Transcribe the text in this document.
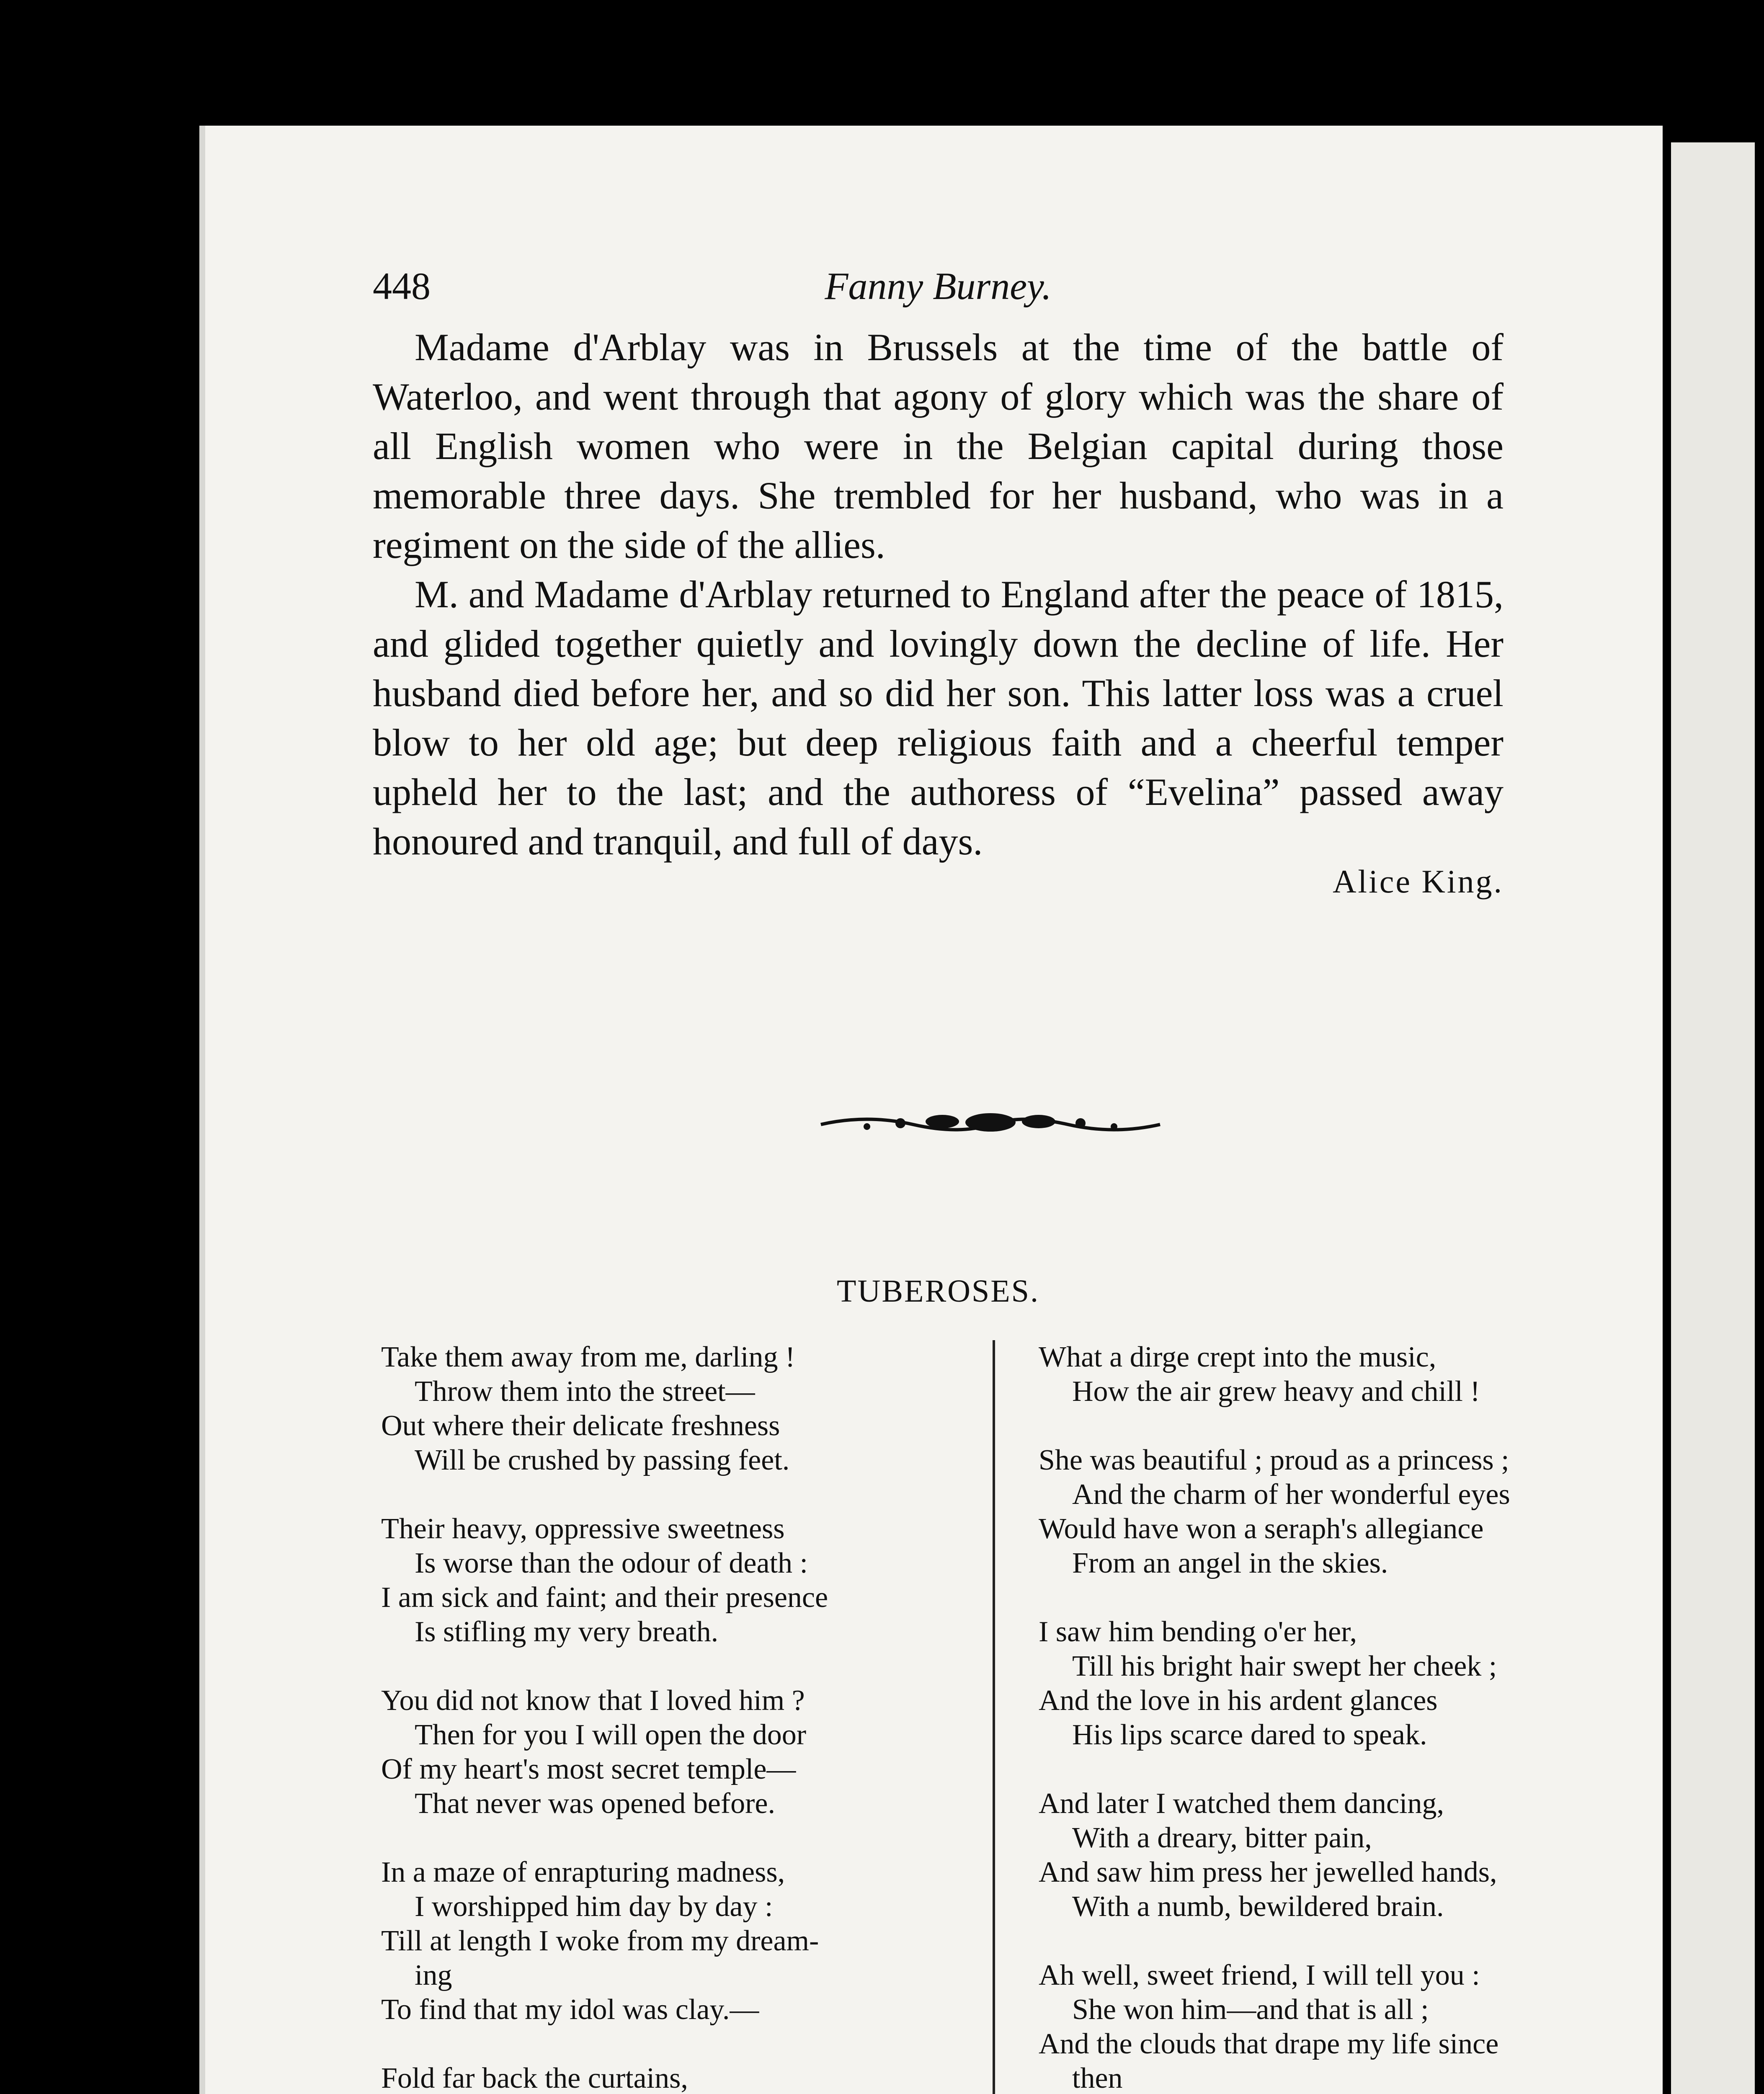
448	Fanny Burney.

Madame d'Arblay was in Brussels at the time of the battle of Waterloo, and went through that agony of glory which was the share of all English women who were in the Belgian capital during those memorable three days. She trembled for her husband, who was in a regiment on the side of the allies.

M. and Madame d'Arblay returned to England after the peace of 1815, and glided together quietly and lovingly down the decline of life. Her husband died before her, and so did her son. This latter loss was a cruel blow to her old age; but deep religious faith and a cheerful temper upheld her to the last; and the authoress of “Evelina” passed away honoured and tranquil, and full of days.

Alice King.
TUBEROSES.
Take them away from me, darling !
Throw them into the street—
Out where their delicate freshness
Will be crushed by passing feet.
Their heavy, oppressive sweetness
Is worse than the odour of death :
I am sick and faint; and their presence
Is stifling my very breath.
You did not know that I loved him ?
Then for you I will open the door
Of my heart's most secret temple—
That never was opened before.
In a maze of enrapturing madness,
I worshipped him day by day :
Till at length I woke from my dream-
ing
To find that my idol was clay.—
Fold far back the curtains,
What a dirge crept into the music,
How the air grew heavy and chill !
She was beautiful ; proud as a princess ;
And the charm of her wonderful eyes
Would have won a seraph's allegiance
From an angel in the skies.
I saw him bending o'er her,
Till his bright hair swept her cheek ;
And the love in his ardent glances
His lips scarce dared to speak.
And later I watched them dancing,
With a dreary, bitter pain,
And saw him press her jewelled hands,
With a numb, bewildered brain.
Ah well, sweet friend, I will tell you :
She won him—and that is all ;
And the clouds that drape my life since
then
